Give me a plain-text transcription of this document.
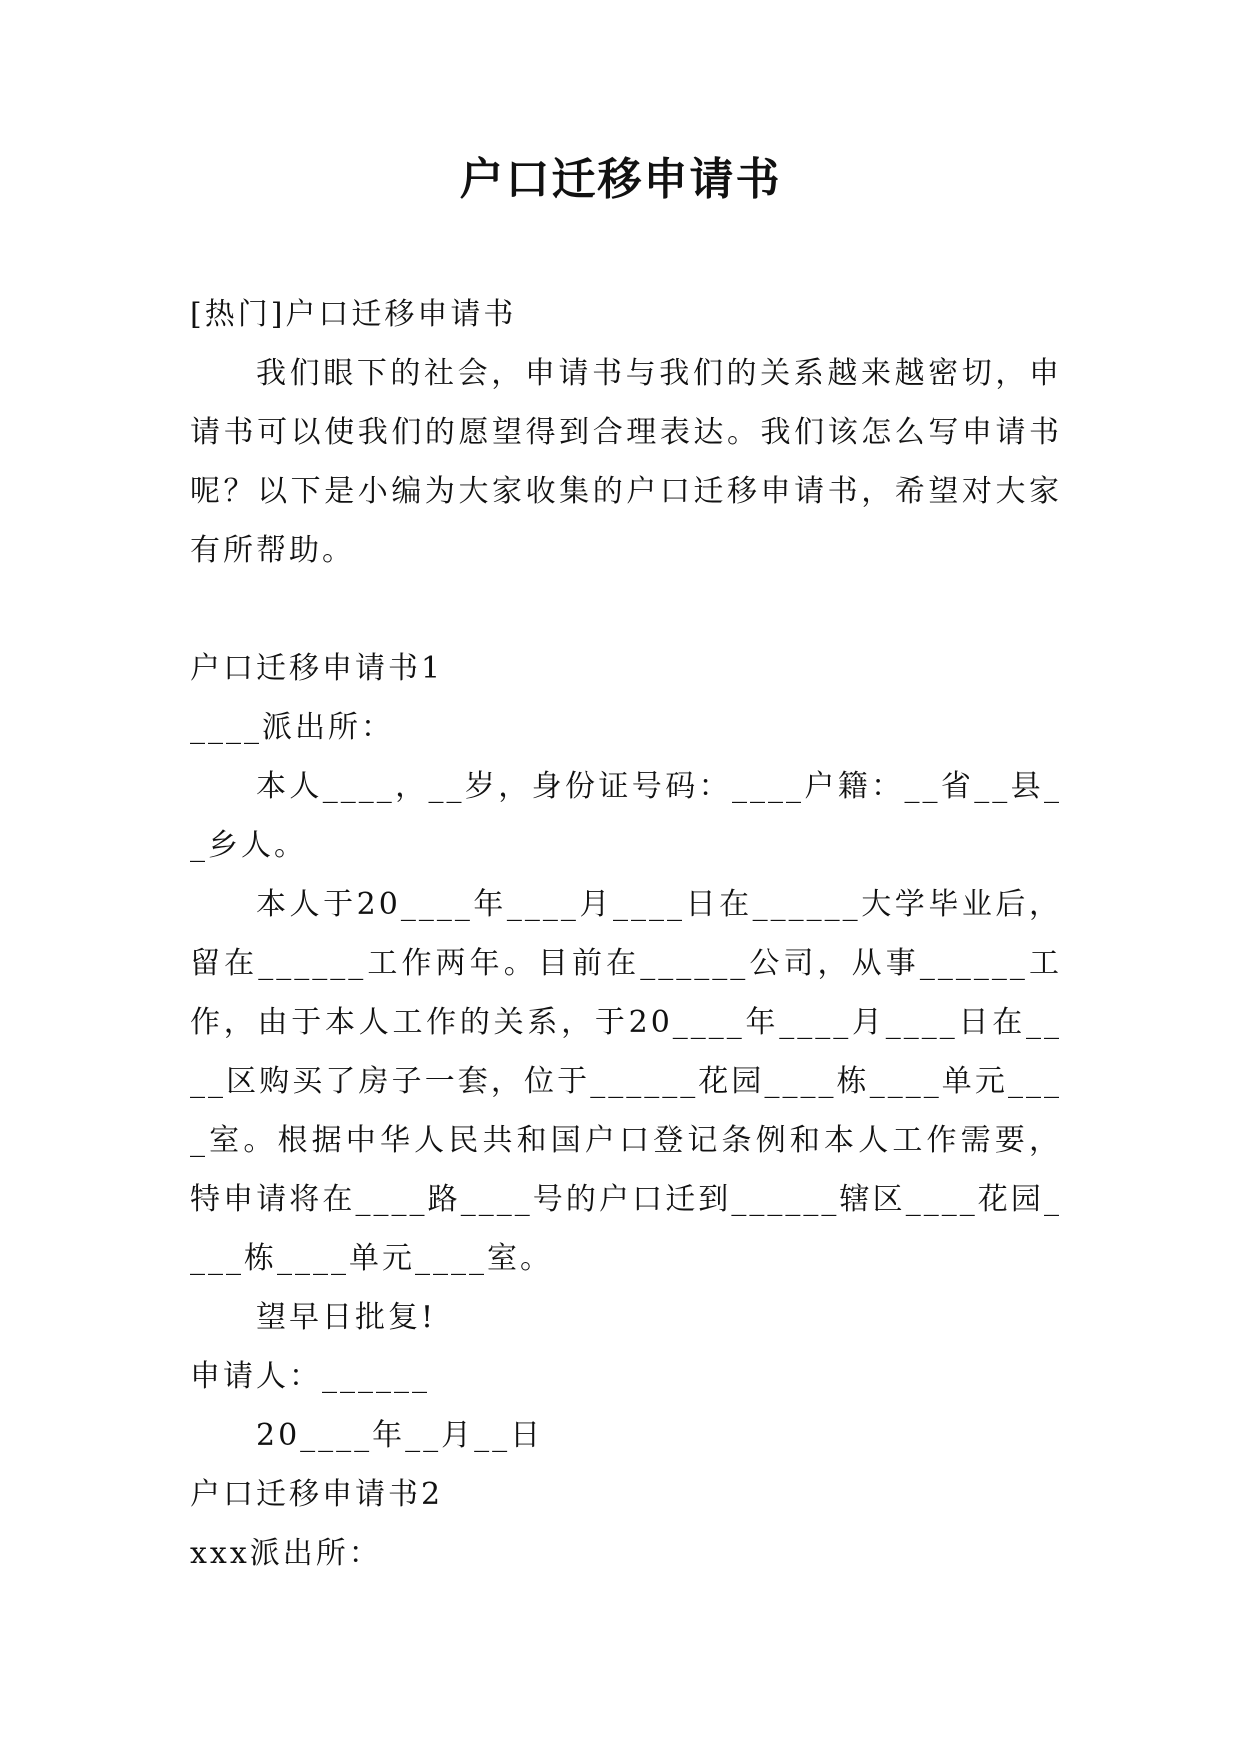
户口迁移申请书

[热门]户口迁移申请书

我们眼下的社会，申请书与我们的关系越来越密切，申请书可以使我们的愿望得到合理表达。我们该怎么写申请书呢？以下是小编为大家收集的户口迁移申请书，希望对大家有所帮助。

户口迁移申请书1

____派出所：

本人____，__岁，身份证号码：____户籍：__省__县__乡人。

本人于20____年____月____日在______大学毕业后，留在______工作两年。目前在______公司，从事______工作，由于本人工作的关系，于20____年____月____日在____区购买了房子一套，位于______花园____栋____单元____室。根据中华人民共和国户口登记条例和本人工作需要，特申请将在____路____号的户口迁到______辖区____花园____栋____单元____室。

望早日批复!

申请人：______

20____年__月__日

户口迁移申请书2

xxx派出所：
